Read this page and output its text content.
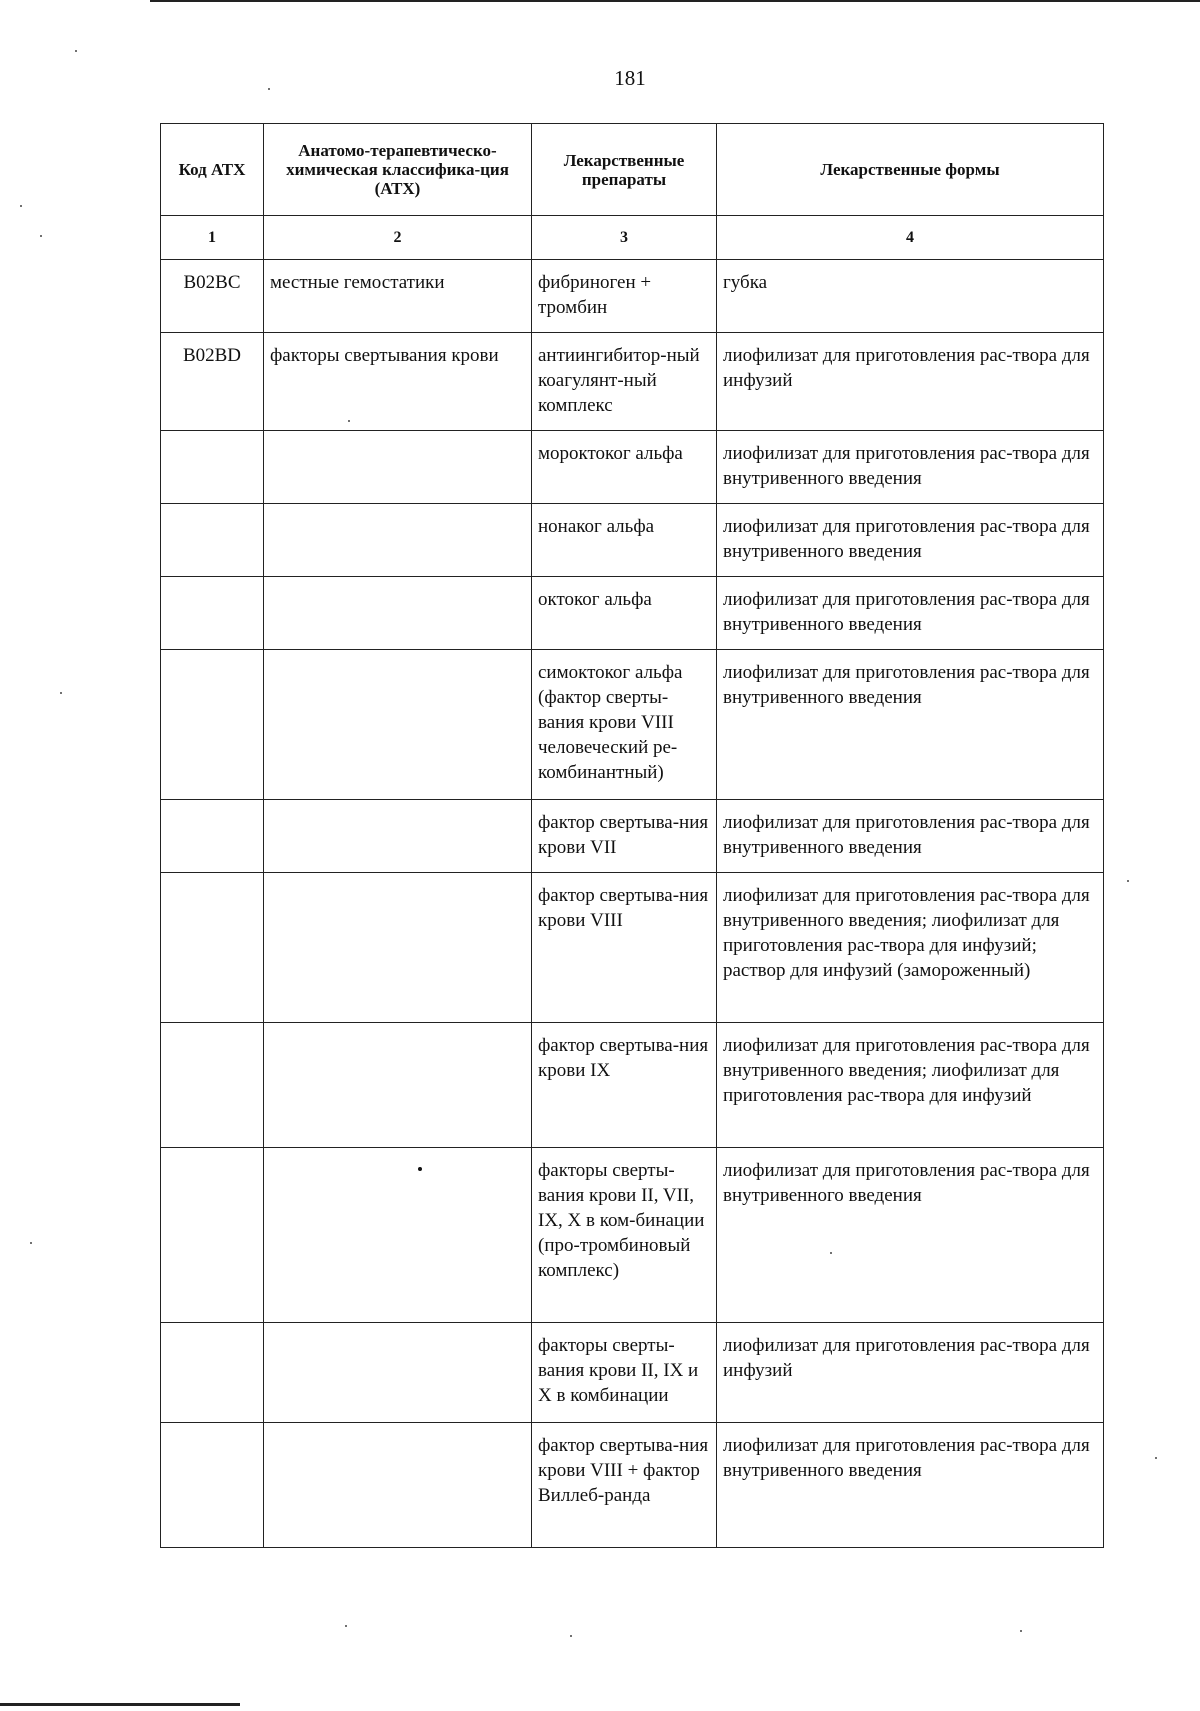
181
Код АТХ	Анатомо-терапевтическо-химическая классифика-ция (АТХ)	Лекарственные препараты	Лекарственные формы
1	2	3	4
B02BC	местные гемостатики	фибриноген + тромбин	губка
B02BD	факторы свертывания крови	антиингибитор-ный коагулянт-ный комплекс	лиофилизат для приготовления рас-твора для инфузий
		мороктоког альфа	лиофилизат для приготовления рас-твора для внутривенного введения
		нонаког альфа	лиофилизат для приготовления рас-твора для внутривенного введения
		октоког альфа	лиофилизат для приготовления рас-твора для внутривенного введения
		симоктоког альфа (фактор сверты-вания крови VIII человеческий ре-комбинантный)	лиофилизат для приготовления рас-твора для внутривенного введения
		фактор свертыва-ния крови VII	лиофилизат для приготовления рас-твора для внутривенного введения
		фактор свертыва-ния крови VIII	лиофилизат для приготовления рас-твора для внутривенного введения; лиофилизат для приготовления рас-твора для инфузий; раствор для инфузий (замороженный)
		фактор свертыва-ния крови IX	лиофилизат для приготовления рас-твора для внутривенного введения; лиофилизат для приготовления рас-твора для инфузий
		факторы сверты-вания крови II, VII, IX, X в ком-бинации (про-тромбиновый комплекс)	лиофилизат для приготовления рас-твора для внутривенного введения
		факторы сверты-вания крови II, IX и X в комбинации	лиофилизат для приготовления рас-твора для инфузий
		фактор свертыва-ния крови VIII + фактор Виллеб-ранда	лиофилизат для приготовления рас-твора для внутривенного введения
